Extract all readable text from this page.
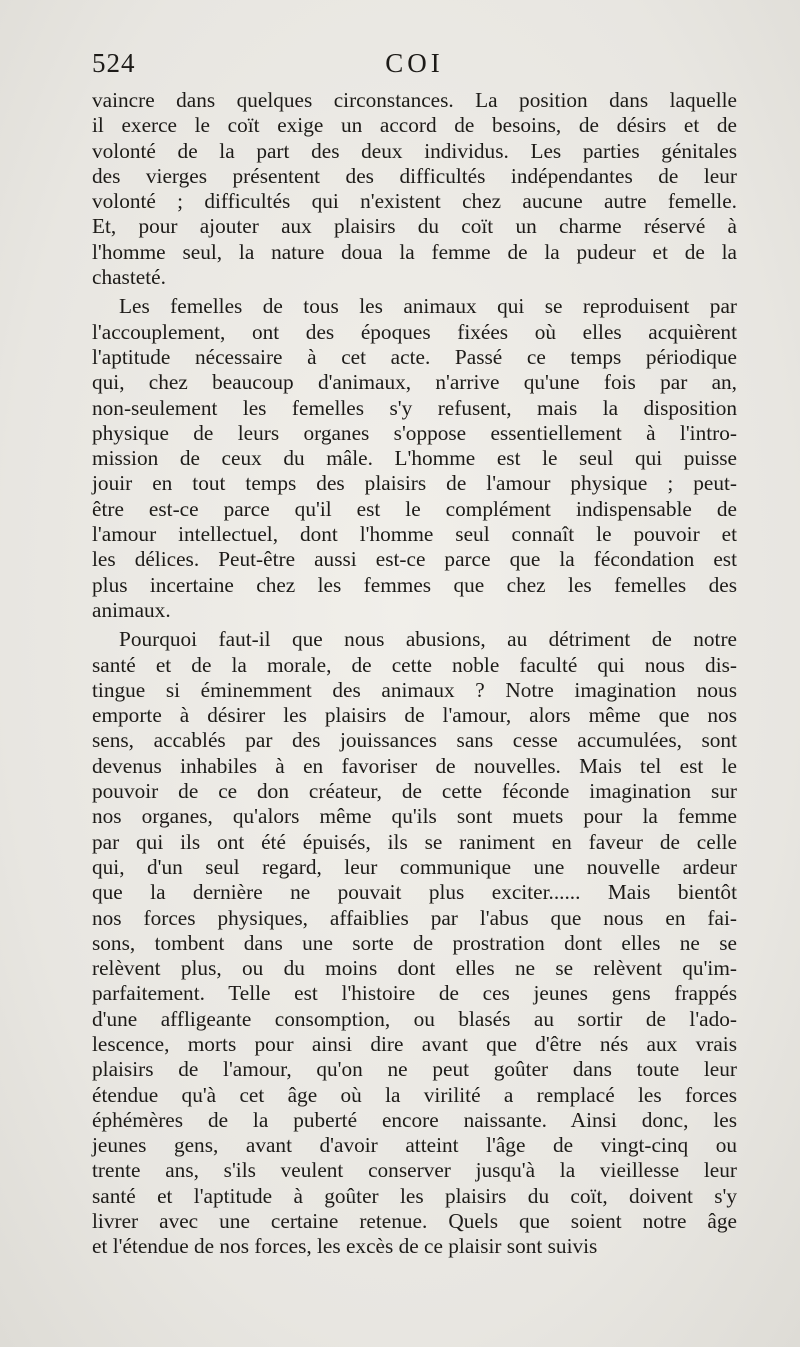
524	COI
vaincre dans quelques circonstances. La position dans laquelle
il exerce le coït exige un accord de besoins, de désirs et de
volonté de la part des deux individus. Les parties génitales
des vierges présentent des difficultés indépendantes de leur
volonté ; difficultés qui n'existent chez aucune autre femelle.
Et, pour ajouter aux plaisirs du coït un charme réservé à
l'homme seul, la nature doua la femme de la pudeur et de la
chasteté.
Les femelles de tous les animaux qui se reproduisent par
l'accouplement, ont des époques fixées où elles acquièrent
l'aptitude nécessaire à cet acte. Passé ce temps périodique
qui, chez beaucoup d'animaux, n'arrive qu'une fois par an,
non-seulement les femelles s'y refusent, mais la disposition
physique de leurs organes s'oppose essentiellement à l'intro-
mission de ceux du mâle. L'homme est le seul qui puisse
jouir en tout temps des plaisirs de l'amour physique ; peut-
être est-ce parce qu'il est le complément indispensable de
l'amour intellectuel, dont l'homme seul connaît le pouvoir et
les délices. Peut-être aussi est-ce parce que la fécondation est
plus incertaine chez les femmes que chez les femelles des
animaux.
Pourquoi faut-il que nous abusions, au détriment de notre
santé et de la morale, de cette noble faculté qui nous dis-
tingue si éminemment des animaux ? Notre imagination nous
emporte à désirer les plaisirs de l'amour, alors même que nos
sens, accablés par des jouissances sans cesse accumulées, sont
devenus inhabiles à en favoriser de nouvelles. Mais tel est le
pouvoir de ce don créateur, de cette féconde imagination sur
nos organes, qu'alors même qu'ils sont muets pour la femme
par qui ils ont été épuisés, ils se raniment en faveur de celle
qui, d'un seul regard, leur communique une nouvelle ardeur
que la dernière ne pouvait plus exciter...... Mais bientôt
nos forces physiques, affaiblies par l'abus que nous en fai-
sons, tombent dans une sorte de prostration dont elles ne se
relèvent plus, ou du moins dont elles ne se relèvent qu'im-
parfaitement. Telle est l'histoire de ces jeunes gens frappés
d'une affligeante consomption, ou blasés au sortir de l'ado-
lescence, morts pour ainsi dire avant que d'être nés aux vrais
plaisirs de l'amour, qu'on ne peut goûter dans toute leur
étendue qu'à cet âge où la virilité a remplacé les forces
éphémères de la puberté encore naissante. Ainsi donc, les
jeunes gens, avant d'avoir atteint l'âge de vingt-cinq ou
trente ans, s'ils veulent conserver jusqu'à la vieillesse leur
santé et l'aptitude à goûter les plaisirs du coït, doivent s'y
livrer avec une certaine retenue. Quels que soient notre âge
et l'étendue de nos forces, les excès de ce plaisir sont suivis
